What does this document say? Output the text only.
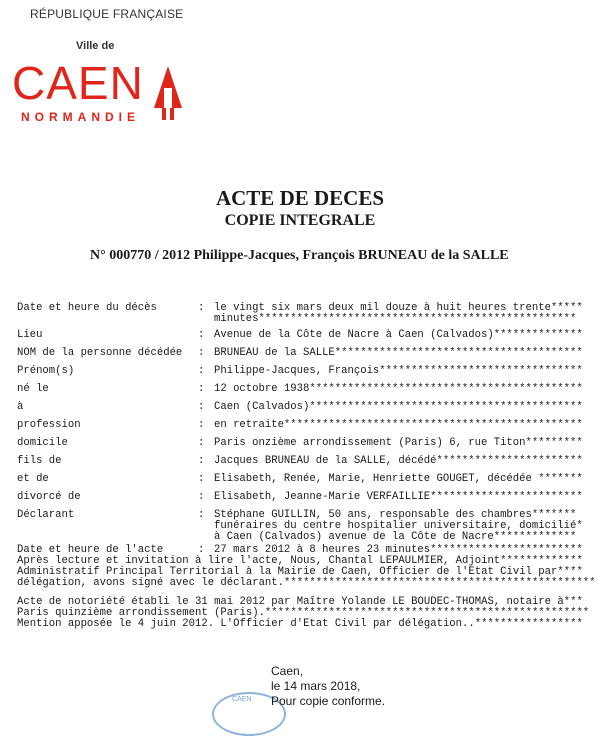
RÉPUBLIQUE FRANÇAISE
Ville de
CAEN
NORMANDIE
ACTE DE DECES
COPIE INTEGRALE
N° 000770 / 2012 Philippe-Jacques, François BRUNEAU de la SALLE
Date et heure du décès	: le vingt six mars deux mil douze à huit heures trente*****
minutes**************************************************
Lieu	: Avenue de la Côte de Nacre à Caen (Calvados)**************
NOM de la personne décédée : BRUNEAU de la SALLE***************************************
Prénom(s)	: Philippe-Jacques, François********************************
né le	: 12 octobre 1938*******************************************
à	: Caen (Calvados)*******************************************
profession	: en retraite***********************************************
domicile	: Paris onzième arrondissement (Paris) 6, rue Titon*********
fils de	: Jacques BRUNEAU de la SALLE, décédé***********************
et de	: Elisabeth, Renée, Marie, Henriette GOUGET, décédée *******
divorcé de	: Elisabeth, Jeanne-Marie VERFAILLIE************************
Déclarant	: Stéphane GUILLIN, 50 ans, responsable des chambres*******
funéraires du centre hospitalier universitaire, domicilié*
à Caen (Calvados) avenue de la Côte de Nacre*************
Date et heure de l'acte	: 27 mars 2012 à 8 heures 23 minutes************************
Après lecture et invitation à lire l'acte, Nous, Chantal LEPAULMIER, Adjoint*************
Administratif Principal Territorial à la Mairie de Caen, Officier de l'Etat Civil par****
délégation, avons signé avec le déclarant.*************************************************
Acte de notoriété établi le 31 mai 2012 par Maître Yolande LE BOUDEC-THOMAS, notaire à***
Paris quinzième arrondissement (Paris).***************************************************
Mention apposée le 4 juin 2012. L'Officier d'Etat Civil par délégation..*****************
CAEN
Caen,
le 14 mars 2018,
Pour copie conforme.
